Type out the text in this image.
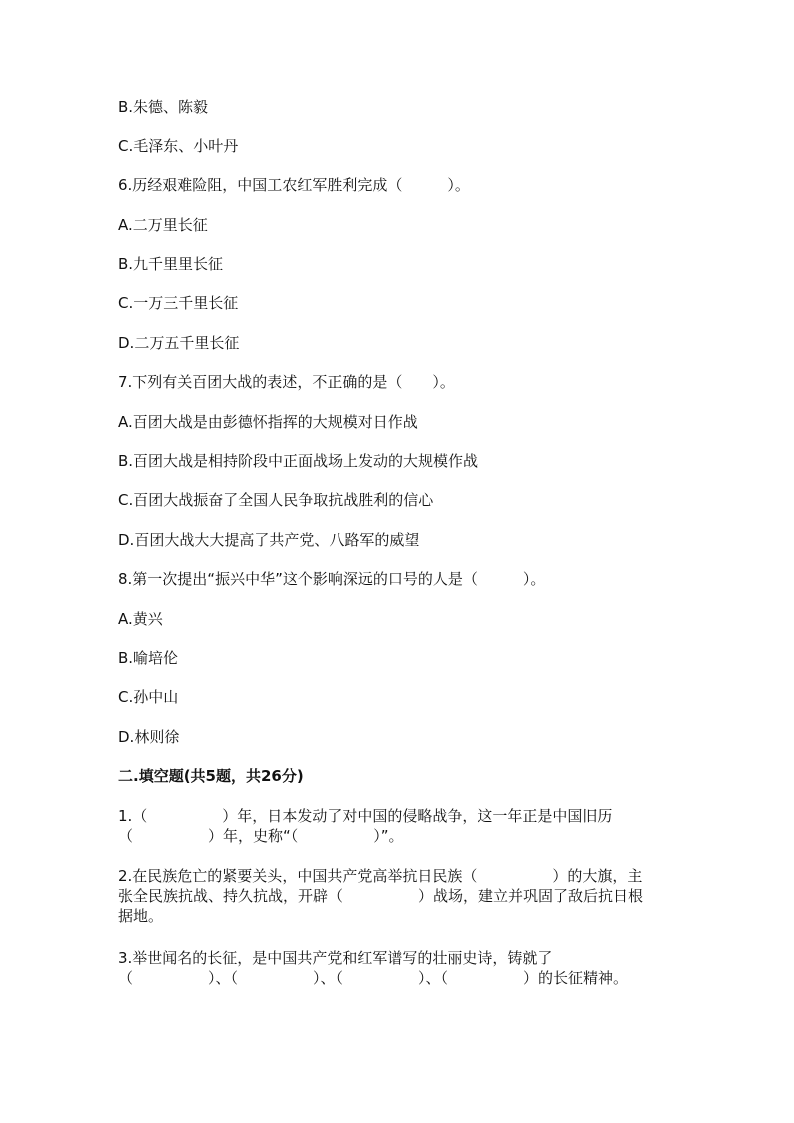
B.朱德、陈毅
C.毛泽东、小叶丹
6.历经艰难险阻，中国工农红军胜利完成（　　　）。
A.二万里长征
B.九千里里长征
C.一万三千里长征
D.二万五千里长征
7.下列有关百团大战的表述，不正确的是（　　）。
A.百团大战是由彭德怀指挥的大规模对日作战
B.百团大战是相持阶段中正面战场上发动的大规模作战
C.百团大战振奋了全国人民争取抗战胜利的信心
D.百团大战大大提高了共产党、八路军的威望
8.第一次提出“振兴中华”这个影响深远的口号的人是（　　　）。
A.黄兴
B.喻培伦
C.孙中山
D.林则徐
二.填空题(共5题，共26分)
1.（　　　　　）年，日本发动了对中国的侵略战争，这一年正是中国旧历
（　　　　　）年，史称“（　　　　　）”。
2.在民族危亡的紧要关头，中国共产党高举抗日民族（　　　　　）的大旗，主
张全民族抗战、持久抗战，开辟（　　　　　）战场，建立并巩固了敌后抗日根
据地。
3.举世闻名的长征，是中国共产党和红军谱写的壮丽史诗，铸就了
（　　　　　）、（　　　　　）、（　　　　　）、（　　　　　）的长征精神。
